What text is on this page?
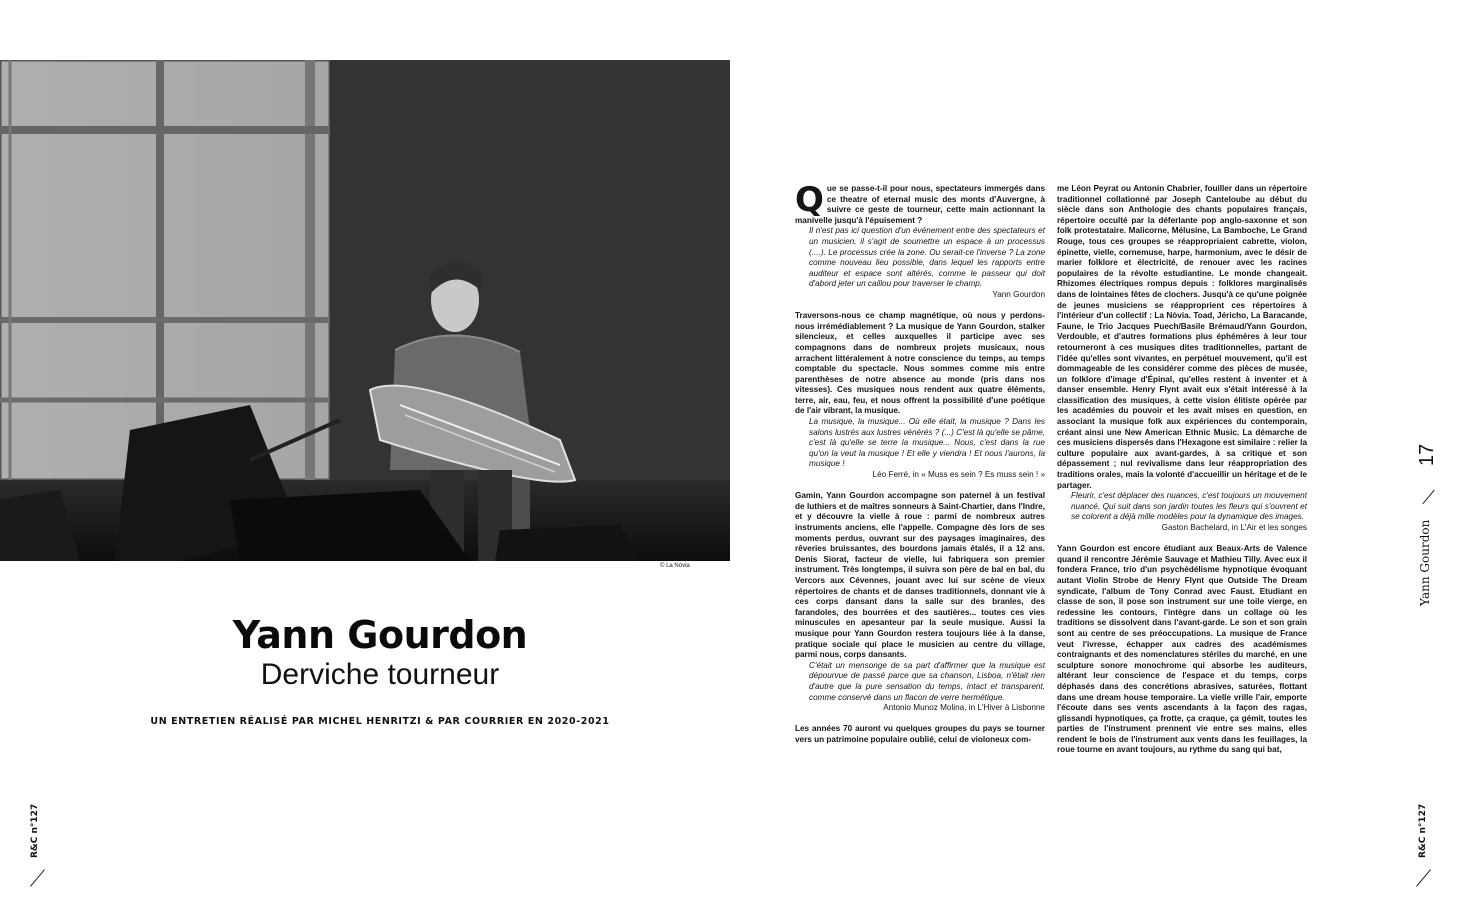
© La Nòvia
Yann Gourdon
Derviche tourneur
UN ENTRETIEN RÉALISÉ PAR MICHEL HENRITZI & PAR COURRIER EN 2020-2021
R&C n°127	R&C n°127
Yann Gourdon
17

Que se passe-t-il pour nous, spectateurs immergés dans ce theatre of eternal music des monts d'Auvergne, à suivre ce geste de tourneur, cette main actionnant la manivelle jusqu'à l'épuisement ?

Il n'est pas ici question d'un événement entre des spectateurs et un musicien, il s'agit de soumettre un espace à un processus (....). Le processus crée la zone. Ou serait-ce l'inverse ? La zone comme nouveau lieu possible, dans lequel les rapports entre auditeur et espace sont altérés, comme le passeur qui doit d'abord jeter un caillou pour traverser le champ.

Yann Gourdon

Traversons-nous ce champ magnétique, où nous y perdons-nous irrémédiablement ? La musique de Yann Gourdon, stalker silencieux, et celles auxquelles il participe avec ses compagnons dans de nombreux projets musicaux, nous arrachent littéralement à notre conscience du temps, au temps comptable du spectacle. Nous sommes comme mis entre parenthèses de notre absence au monde (pris dans nos vitesses). Ces musiques nous rendent aux quatre éléments, terre, air, eau, feu, et nous offrent la possibilité d'une poétique de l'air vibrant, la musique.

La musique, la musique... Où elle était, la musique ? Dans les salons lustrés aux lustres vénérés ? (...) C'est là qu'elle se pâme, c'est là qu'elle se terre la musique... Nous, c'est dans la rue qu'on la veut la musique ! Et elle y viendra ! Et nous l'aurons, la musique !

Léo Ferré, in « Muss es sein ? Es muss sein ! »

Gamin, Yann Gourdon accompagne son paternel à un festival de luthiers et de maîtres sonneurs à Saint-Chartier, dans l'Indre, et y découvre la vielle à roue : parmi de nombreux autres instruments anciens, elle l'appelle. Compagne dès lors de ses moments perdus, ouvrant sur des paysages imaginaires, des rêveries bruissantes, des bourdons jamais étalés, il a 12 ans. Denis Siorat, facteur de vielle, lui fabriquera son premier instrument. Très longtemps, il suivra son père de bal en bal, du Vercors aux Cévennes, jouant avec lui sur scène de vieux répertoires de chants et de danses traditionnels, donnant vie à ces corps dansant dans la salle sur des branles, des farandoles, des bourrées et des sautières... toutes ces vies minuscules en apesanteur par la seule musique. Aussi la musique pour Yann Gourdon restera toujours liée à la danse, pratique sociale qui place le musicien au centre du village, parmi nous, corps dansants.

C'était un mensonge de sa part d'affirmer que la musique est dépourvue de passé parce que sa chanson, Lisboa, n'était rien d'autre que la pure sensation du temps, intact et transparent, comme conservé dans un flacon de verre hermétique.

Antonio Munoz Molina, in L'Hiver à Lisbonne

Les années 70 auront vu quelques groupes du pays se tourner vers un patrimoine populaire oublié, celui de violoneux com-

me Léon Peyrat ou Antonin Chabrier, fouiller dans un répertoire traditionnel collationné par Joseph Canteloube au début du siècle dans son Anthologie des chants populaires français, répertoire occulté par la déferlante pop anglo-saxonne et son folk protestataire. Malicorne, Mélusine, La Bamboche, Le Grand Rouge, tous ces groupes se réappropriaient cabrette, violon, épinette, vielle, cornemuse, harpe, harmonium, avec le désir de marier folklore et électricité, de renouer avec les racines populaires de la révolte estudiantine. Le monde changeait. Rhizomes électriques rompus depuis : folklores marginalisés dans de lointaines fêtes de clochers. Jusqu'à ce qu'une poignée de jeunes musiciens se réapproprient ces répertoires à l'intérieur d'un collectif : La Nòvia. Toad, Jéricho, La Baracande, Faune, le Trio Jacques Puech/Basile Brémaud/Yann Gourdon, Verdouble, et d'autres formations plus éphémères à leur tour retourneront à ces musiques dites traditionnelles, partant de l'idée qu'elles sont vivantes, en perpétuel mouvement, qu'il est dommageable de les considérer comme des pièces de musée, un folklore d'image d'Épinal, qu'elles restent à inventer et à danser ensemble. Henry Flynt avait eux s'était intéressé à la classification des musiques, à cette vision élitiste opérée par les académies du pouvoir et les avait mises en question, en associant la musique folk aux expériences du contemporain, créant ainsi une New American Ethnic Music. La démarche de ces musiciens dispersés dans l'Hexagone est similaire : relier la culture populaire aux avant-gardes, à sa critique et son dépassement ; nul revivalisme dans leur réappropriation des traditions orales, mais la volonté d'accueillir un héritage et de le partager.

Fleurir, c'est déplacer des nuances, c'est toujours un mouvement nuancé. Qui suit dans son jardin toutes les fleurs qui s'ouvrent et se colorent a déjà mille modèles pour la dynamique des images.

Gaston Bachelard, in L'Air et les songes

Yann Gourdon est encore étudiant aux Beaux-Arts de Valence quand il rencontre Jérémie Sauvage et Mathieu Tilly. Avec eux il fondera France, trio d'un psychédélisme hypnotique évoquant autant Violin Strobe de Henry Flynt que Outside The Dream syndicate, l'album de Tony Conrad avec Faust. Etudiant en classe de son, il pose son instrument sur une toile vierge, en redessine les contours, l'intègre dans un collage où les traditions se dissolvent dans l'avant-garde. Le son et son grain sont au centre de ses préoccupations. La musique de France veut l'ivresse, échapper aux cadres des académismes contraignants et des nomenclatures stériles du marché, en une sculpture sonore monochrome qui absorbe les auditeurs, altérant leur conscience de l'espace et du temps, corps déphasés dans des concrétions abrasives, saturées, flottant dans une dream house temporaire. La vielle vrille l'air, emporte l'écoute dans ses vents ascendants à la façon des ragas, glissandi hypnotiques, ça frotte, ça craque, ça gémit, toutes les parties de l'instrument prennent vie entre ses mains, elles rendent le bois de l'instrument aux vents dans les feuillages, la roue tourne en avant toujours, au rythme du sang qui bat,
